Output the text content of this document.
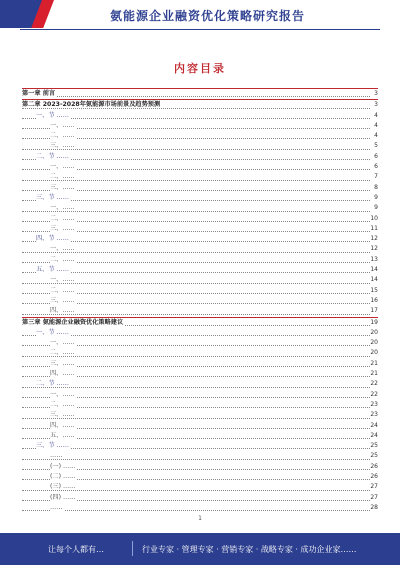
氨能源企业融资优化策略研究报告
内容目录
第一章 前言	3
第二章 2023-2028年氨能源市场前景及趋势预测	3
一、节 ……	4
一、……	4
二、……	4
三、……	5
二、节 ……	6
一、……	6
二、……	7
三、……	8
三、节 ……	9
一、……	9
二、……	10
三、……	11
四、节 ……	12
一、……	12
二、……	13
五、节 ……	14
一、……	14
二、……	15
三、……	16
四、……	17
第三章 氨能源企业融资优化策略建议	19
一、节 ……	20
一、……	20
二、……	20
三、……	21
四、……	21
二、节 ……	22
一、……	22
二、……	23
三、……	23
四、……	24
五、……	24
三、节 ……	25
……	25
(一) ……	26
(二) ……	26
(三) ……	27
(四) ……	27
……	28
1
让每个人都有…	行业专家 · 管理专家 · 营销专家 · 战略专家 · 成功企业家……
